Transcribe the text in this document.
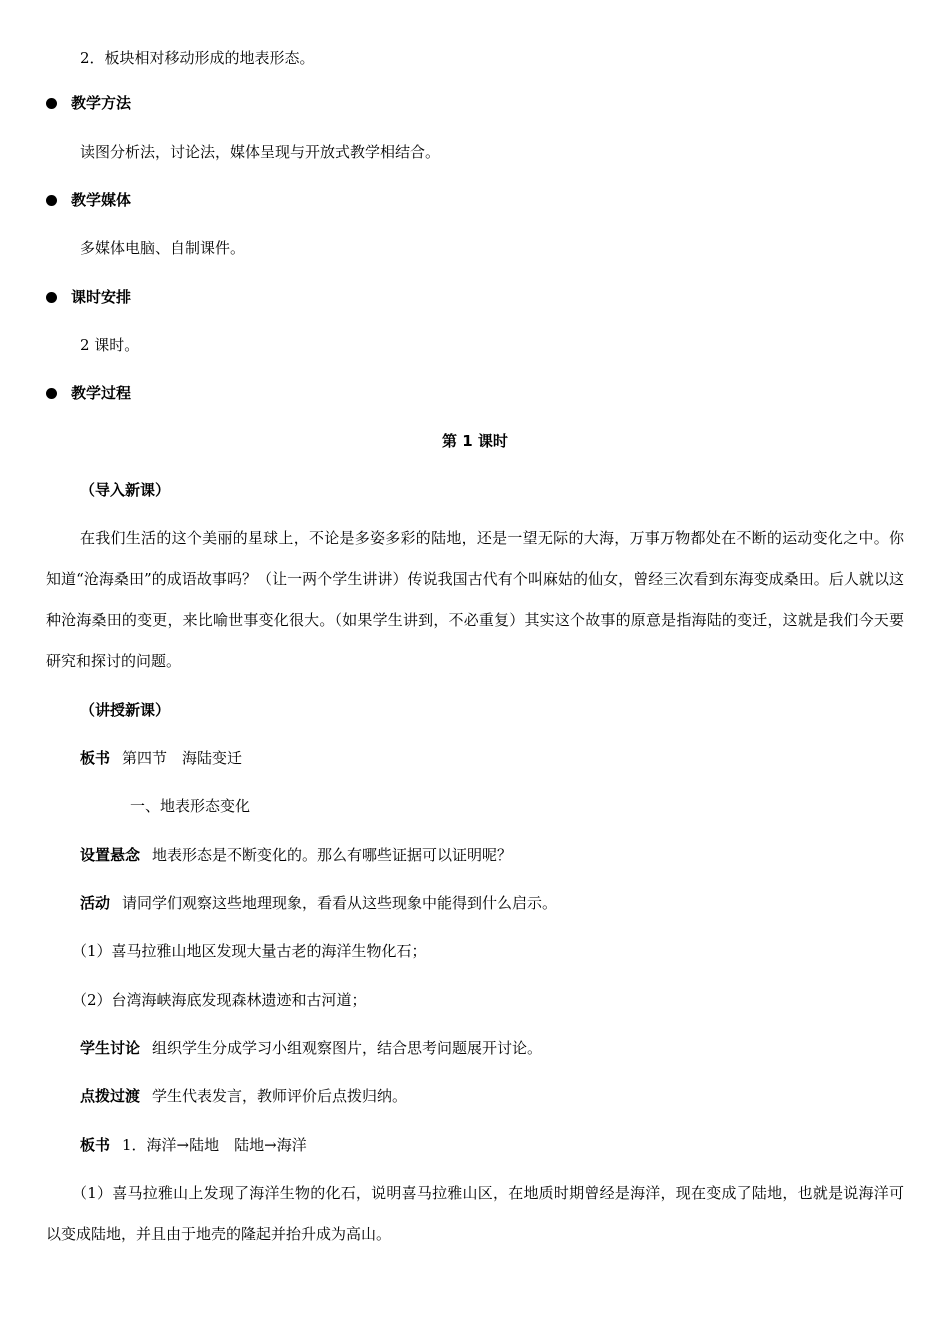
2．板块相对移动形成的地表形态。
教学方法
读图分析法，讨论法，媒体呈现与开放式教学相结合。
教学媒体
多媒体电脑、自制课件。
课时安排
2 课时。
教学过程
第 1 课时
（导入新课）
在我们生活的这个美丽的星球上，不论是多姿多彩的陆地，还是一望无际的大海，万事万物都处在不断的运动变化之中。你知道“沧海桑田”的成语故事吗？（让一两个学生讲讲）传说我国古代有个叫麻姑的仙女，曾经三次看到东海变成桑田。后人就以这种沧海桑田的变更，来比喻世事变化很大。（如果学生讲到，不必重复）其实这个故事的原意是指海陆的变迁，这就是我们今天要研究和探讨的问题。
（讲授新课）
板书 第四节　海陆变迁
一、地表形态变化
设置悬念 地表形态是不断变化的。那么有哪些证据可以证明呢？
活动 请同学们观察这些地理现象，看看从这些现象中能得到什么启示。
（1）喜马拉雅山地区发现大量古老的海洋生物化石；
（2）台湾海峡海底发现森林遗迹和古河道；
学生讨论 组织学生分成学习小组观察图片，结合思考问题展开讨论。
点拨过渡 学生代表发言，教师评价后点拨归纳。
板书 1．海洋→陆地　陆地→海洋
（1）喜马拉雅山上发现了海洋生物的化石，说明喜马拉雅山区，在地质时期曾经是海洋，现在变成了陆地，也就是说海洋可以变成陆地，并且由于地壳的隆起并抬升成为高山。
